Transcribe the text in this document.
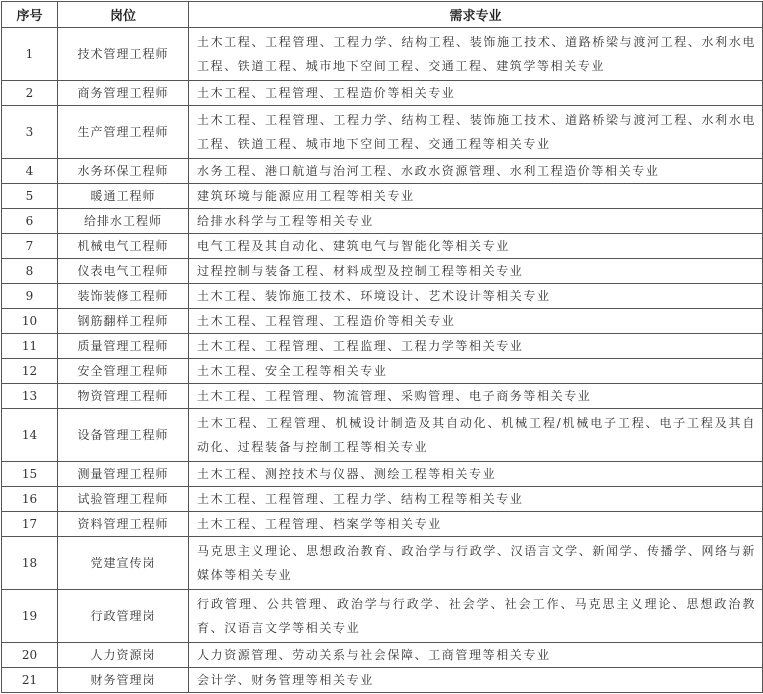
序号	岗位	需求专业
1	技术管理工程师	土木工程、工程管理、工程力学、结构工程、装饰施工技术、道路桥梁与渡河工程、水利水电工程、铁道工程、城市地下空间工程、交通工程、建筑学等相关专业
2	商务管理工程师	土木工程、工程管理、工程造价等相关专业
3	生产管理工程师	土木工程、工程管理、工程力学、结构工程、装饰施工技术、道路桥梁与渡河工程、水利水电工程、铁道工程、城市地下空间工程、交通工程等相关专业
4	水务环保工程师	水务工程、港口航道与治河工程、水政水资源管理、水利工程造价等相关专业
5	暖通工程师	建筑环境与能源应用工程等相关专业
6	给排水工程师	给排水科学与工程等相关专业
7	机械电气工程师	电气工程及其自动化、建筑电气与智能化等相关专业
8	仪表电气工程师	过程控制与装备工程、材料成型及控制工程等相关专业
9	装饰装修工程师	土木工程、装饰施工技术、环境设计、艺术设计等相关专业
10	钢筋翻样工程师	土木工程、工程管理、工程造价等相关专业
11	质量管理工程师	土木工程、工程管理、工程监理、工程力学等相关专业
12	安全管理工程师	土木工程、安全工程等相关专业
13	物资管理工程师	土木工程、工程管理、物流管理、采购管理、电子商务等相关专业
14	设备管理工程师	土木工程、工程管理、机械设计制造及其自动化、机械工程/机械电子工程、电子工程及其自动化、过程装备与控制工程等相关专业
15	测量管理工程师	土木工程、测控技术与仪器、测绘工程等相关专业
16	试验管理工程师	土木工程、工程管理、工程力学、结构工程等相关专业
17	资料管理工程师	土木工程、工程管理、档案学等相关专业
18	党建宣传岗	马克思主义理论、思想政治教育、政治学与行政学、汉语言文学、新闻学、传播学、网络与新媒体等相关专业
19	行政管理岗	行政管理、公共管理、政治学与行政学、社会学、社会工作、马克思主义理论、思想政治教育、汉语言文学等相关专业
20	人力资源岗	人力资源管理、劳动关系与社会保障、工商管理等相关专业
21	财务管理岗	会计学、财务管理等相关专业
